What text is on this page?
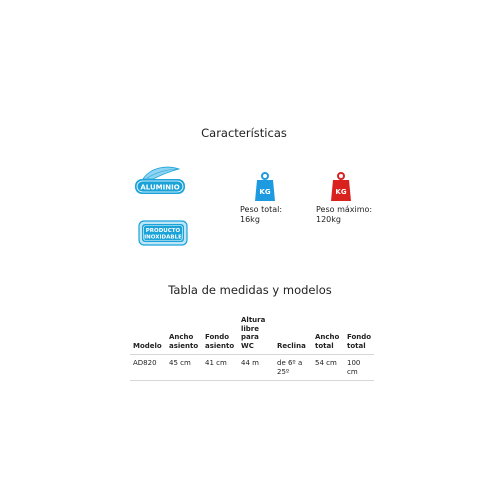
Características
ALUMINIO
PRODUCTO
INOXIDABLE
KG
Peso total:
16kg
KG
Peso máximo:
120kg
Tabla de medidas y modelos
Modelo	Ancho asiento	Fondo asiento	Altura libre para WC	Reclina	Ancho total	Fondo total
AD820	45 cm	41 cm	44 m	de 6º a 25º	54 cm	100 cm
